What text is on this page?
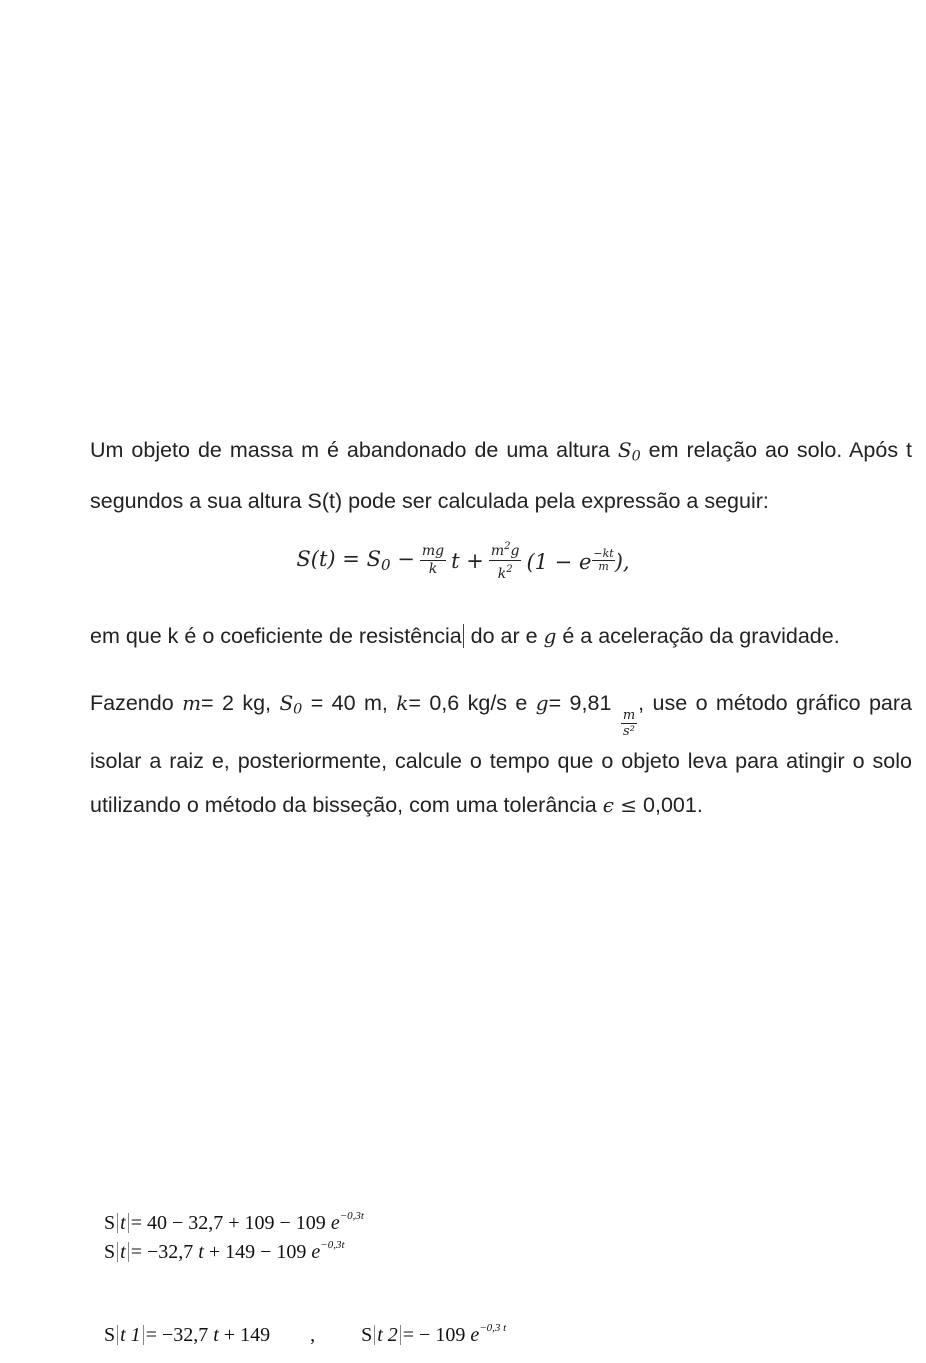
Um objeto de massa m é abandonado de uma altura $S_0$ em relação ao solo. Após t segundos a sua altura S(t) pode ser calculada pela expressão a seguir:

$S(t) = S_0 - \frac{mg}{k}$ $t + \frac{m^2g}{k^2} (1 - e \frac{-kt}{m}$ ),

em que k é o coeficiente de resistência do ar e g é a aceleração da gravidade.

Fazendo m= 2 kg, $S_0 = 40$ m, k= 0,6 kg/s e g= 9,81
$\frac{m}{\text{s²}}$
, use o método gráfico para isolar a raiz e, posteriormente, calcule o tempo que o objeto leva para atingir o solo utilizando o método da bisseção, com uma tolerância ϵ ≤ 0,001.

S t = 40 − 32,7 + 109 − 109 $e^{-0,3t}$
S t = −32,7 t + 149 − 109 $e^{-0,3t}$
S t 1 = −32,7 t + 149 , S t 2 = − 109 $e^{-0,3 t}$
